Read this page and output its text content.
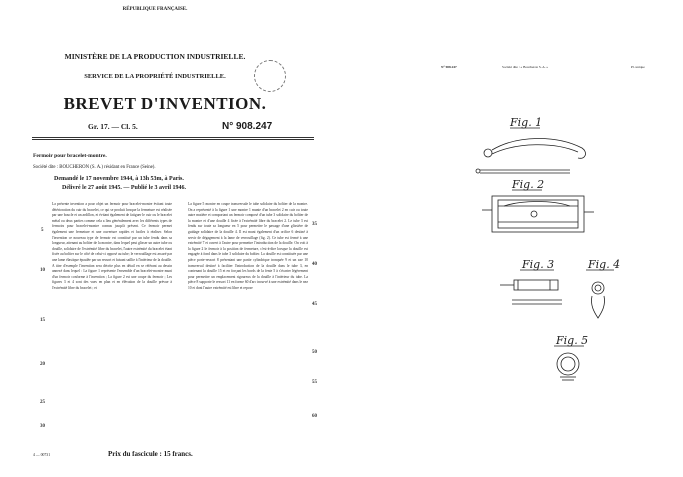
RÉPUBLIQUE FRANÇAISE.
MINISTÈRE DE LA PRODUCTION INDUSTRIELLE.
SERVICE DE LA PROPRIÉTÉ INDUSTRIELLE.
BREVET D'INVENTION.
Gr. 17. — Cl. 5.	N° 908.247
Fermoir pour bracelet-montre.
Société dite : BOUCHERON (S. A.) résidant en France (Seine).
Demandé le 17 novembre 1944, à 13h 53m, à Paris.
Délivré le 27 août 1945. — Publié le 3 avril 1946.
La présente invention a pour objet un fermoir pour bracelet-montre évitant toute détérioration du cuir du bracelet, ce qui se produit lorsque la fermeture est réalisée par une boucle et un ardillon, et évitant également de fatiguer le cuir ou le bracelet métal ou deux parties comme cela a lieu généralement avec les différents types de fermoirs pour bracelet-montre connus jusqu'à présent. Ce fermoir permet également une fermeture et une ouverture rapides et faciles à réaliser. Selon l'invention ce nouveau type de fermoir est constitué par un tube fendu dans sa longueur, attenant au boîtier de la montre, dans lequel peut glisser un autre tube ou douille, solidaire de l'extrémité libre du bracelet, l'autre extrémité du bracelet étant fixée au boîtier sur le côté de celui-ci opposé au tube; le verrouillage est assuré par une lame élastique épaulée par un ressort et faisant saillie à l'intérieur de la douille. A titre d'exemple l'invention sera décrite plus en détail en se référant au dessin annexé dans lequel : La figure 1 représente l'ensemble d'un bracelet-montre muni d'un fermoir conforme à l'invention ; La figure 2 est une coupe du fermoir ; Les figures 3 et 4 sont des vues en plan et en élévation de la douille prévue à l'extrémité libre du bracelet ; et
La figure 5 montre en coupe transversale le tube solidaire du boîtier de la montre. On a représenté à la figure 1 une montre 1 munie d'un bracelet 2 en cuir ou toute autre matière et comportant un fermoir composé d'un tube 3 solidaire du boîtier de la montre et d'une douille 4 fixée à l'extrémité libre du bracelet 2. Le tube 3 est fendu sur toute sa longueur en 5 pour permettre le passage d'une glissière de guidage solidaire de la douille 4. Il est muni également d'un orifice 6 destiné à servir de dégagement à la lame de verrouillage (fig. 2). Ce tube est fermé à une extrémité 7 et ouvert à l'autre pour permettre l'introduction de la douille. On voit à la figure 2 le fermoir à la position de fermeture, c'est-à-dire lorsque la douille est engagée à fond dans le tube 3 solidaire du boîtier. La douille est constituée par une pièce porte-ressort 8 présentant une partie cylindrique tronquée 9 et un axe 10 transversal destiné à faciliter l'introduction de la douille dans le tube 3, en contenant la douille 15 et en forçant les bords de la fente 5 à s'écarter légèrement pour permettre un emplacement rigoureux de la douille à l'intérieur du tube. La pièce 8 supporte le ressort 11 en forme 60 d'arc incurvé à une extrémité dans le nez 10 et dont l'autre extrémité est libre et repose
5
10
15
20
25
30
35
40
45
50
55
60
4 — 00731	Prix du fascicule : 15 francs.
N° 908.247	Société dite : « Boucheron S. A. »	Pl. unique
Fig. 1
Fig. 2
Fig. 3	Fig. 4
Fig. 5
